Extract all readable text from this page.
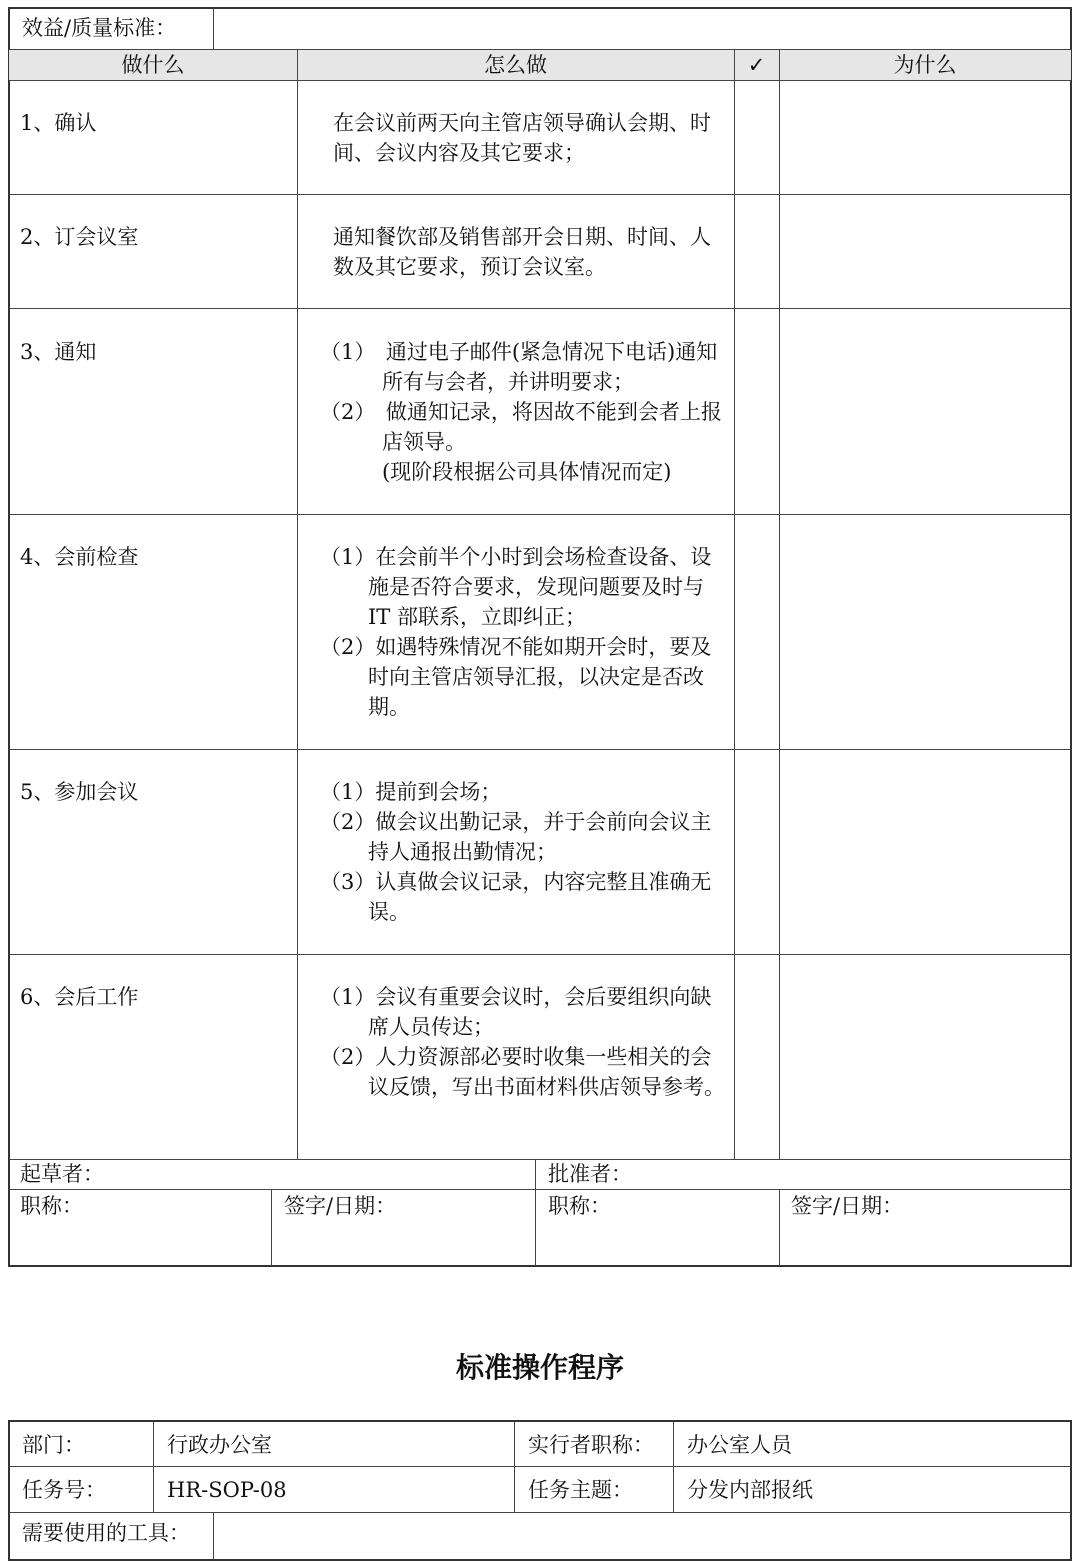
效益/质量标准：
做什么	怎么做	✓	为什么
1、确认	在会议前两天向主管店领导确认会期、时间、会议内容及其它要求；

2、订会议室	通知餐饮部及销售部开会日期、时间、人数及其它要求，预订会议室。

3、通知	（1）　通过电子邮件(紧急情况下电话)通知所有与会者，并讲明要求；

（2）　做通知记录，将因故不能到会者上报店领导。

(现阶段根据公司具体情况而定)

4、会前检查	（1）在会前半个小时到会场检查设备、设施是否符合要求，发现问题要及时与 IT 部联系，立即纠正；

（2）如遇特殊情况不能如期开会时，要及时向主管店领导汇报，以决定是否改期。

5、参加会议	（1）提前到会场；

（2）做会议出勤记录，并于会前向会议主持人通报出勤情况；

（3）认真做会议记录，内容完整且准确无误。

6、会后工作	（1）会议有重要会议时，会后要组织向缺席人员传达；

（2）人力资源部必要时收集一些相关的会议反馈，写出书面材料供店领导参考。

起草者：	批准者：
职称：	签字/日期：	职称：	签字/日期：
标准操作程序
部门：	行政办公室	实行者职称： 办公室人员
任务号：	HR-SOP-08	任务主题：	分发内部报纸
需要使用的工具：
